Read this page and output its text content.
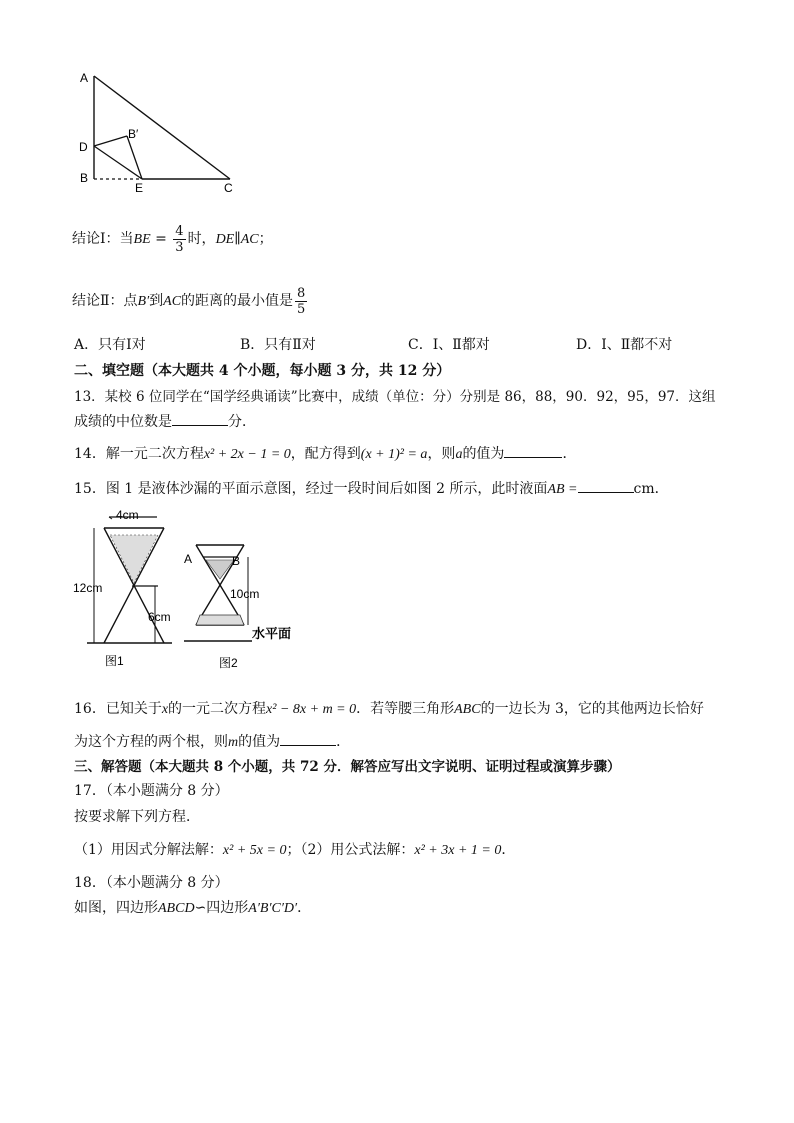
A
D
B
E	C
B′
结论Ⅰ：当BE = $\frac{4}{3}$ 时，DE∥AC；
结论Ⅱ：点B′到AC的距离的最小值是 $\frac{8}{5}$
A．只有Ⅰ对	B．只有Ⅱ对	C．Ⅰ、Ⅱ都对	D．Ⅰ、Ⅱ都不对
二、填空题（本大题共 4 个小题，每小题 3 分，共 12 分）
13．某校 6 位同学在“国学经典诵读”比赛中，成绩（单位：分）分别是 86，88，90．92，95，97．这组
成绩的中位数是	分．
14．解一元二次方程x² + 2x − 1 = 0，配方得到(x + 1)² = a，则a的值为	．
15．图 1 是液体沙漏的平面示意图，经过一段时间后如图 2 所示，此时液面AB =	cm．
4cm
12cm
6cm
图1
A	B
10cm
水平面
图2
16．已知关于x的一元二次方程x² − 8x + m = 0．若等腰三角形ABC的一边长为 3，它的其他两边长恰好
为这个方程的两个根，则m的值为	．
三、解答题（本大题共 8 个小题，共 72 分．解答应写出文字说明、证明过程或演算步骤）
17．（本小题满分 8 分）
按要求解下列方程．
（1）用因式分解法解：x² + 5x = 0；（2）用公式法解：x² + 3x + 1 = 0．
18．（本小题满分 8 分）
如图，四边形ABCD∽四边形A′B′C′D′．
